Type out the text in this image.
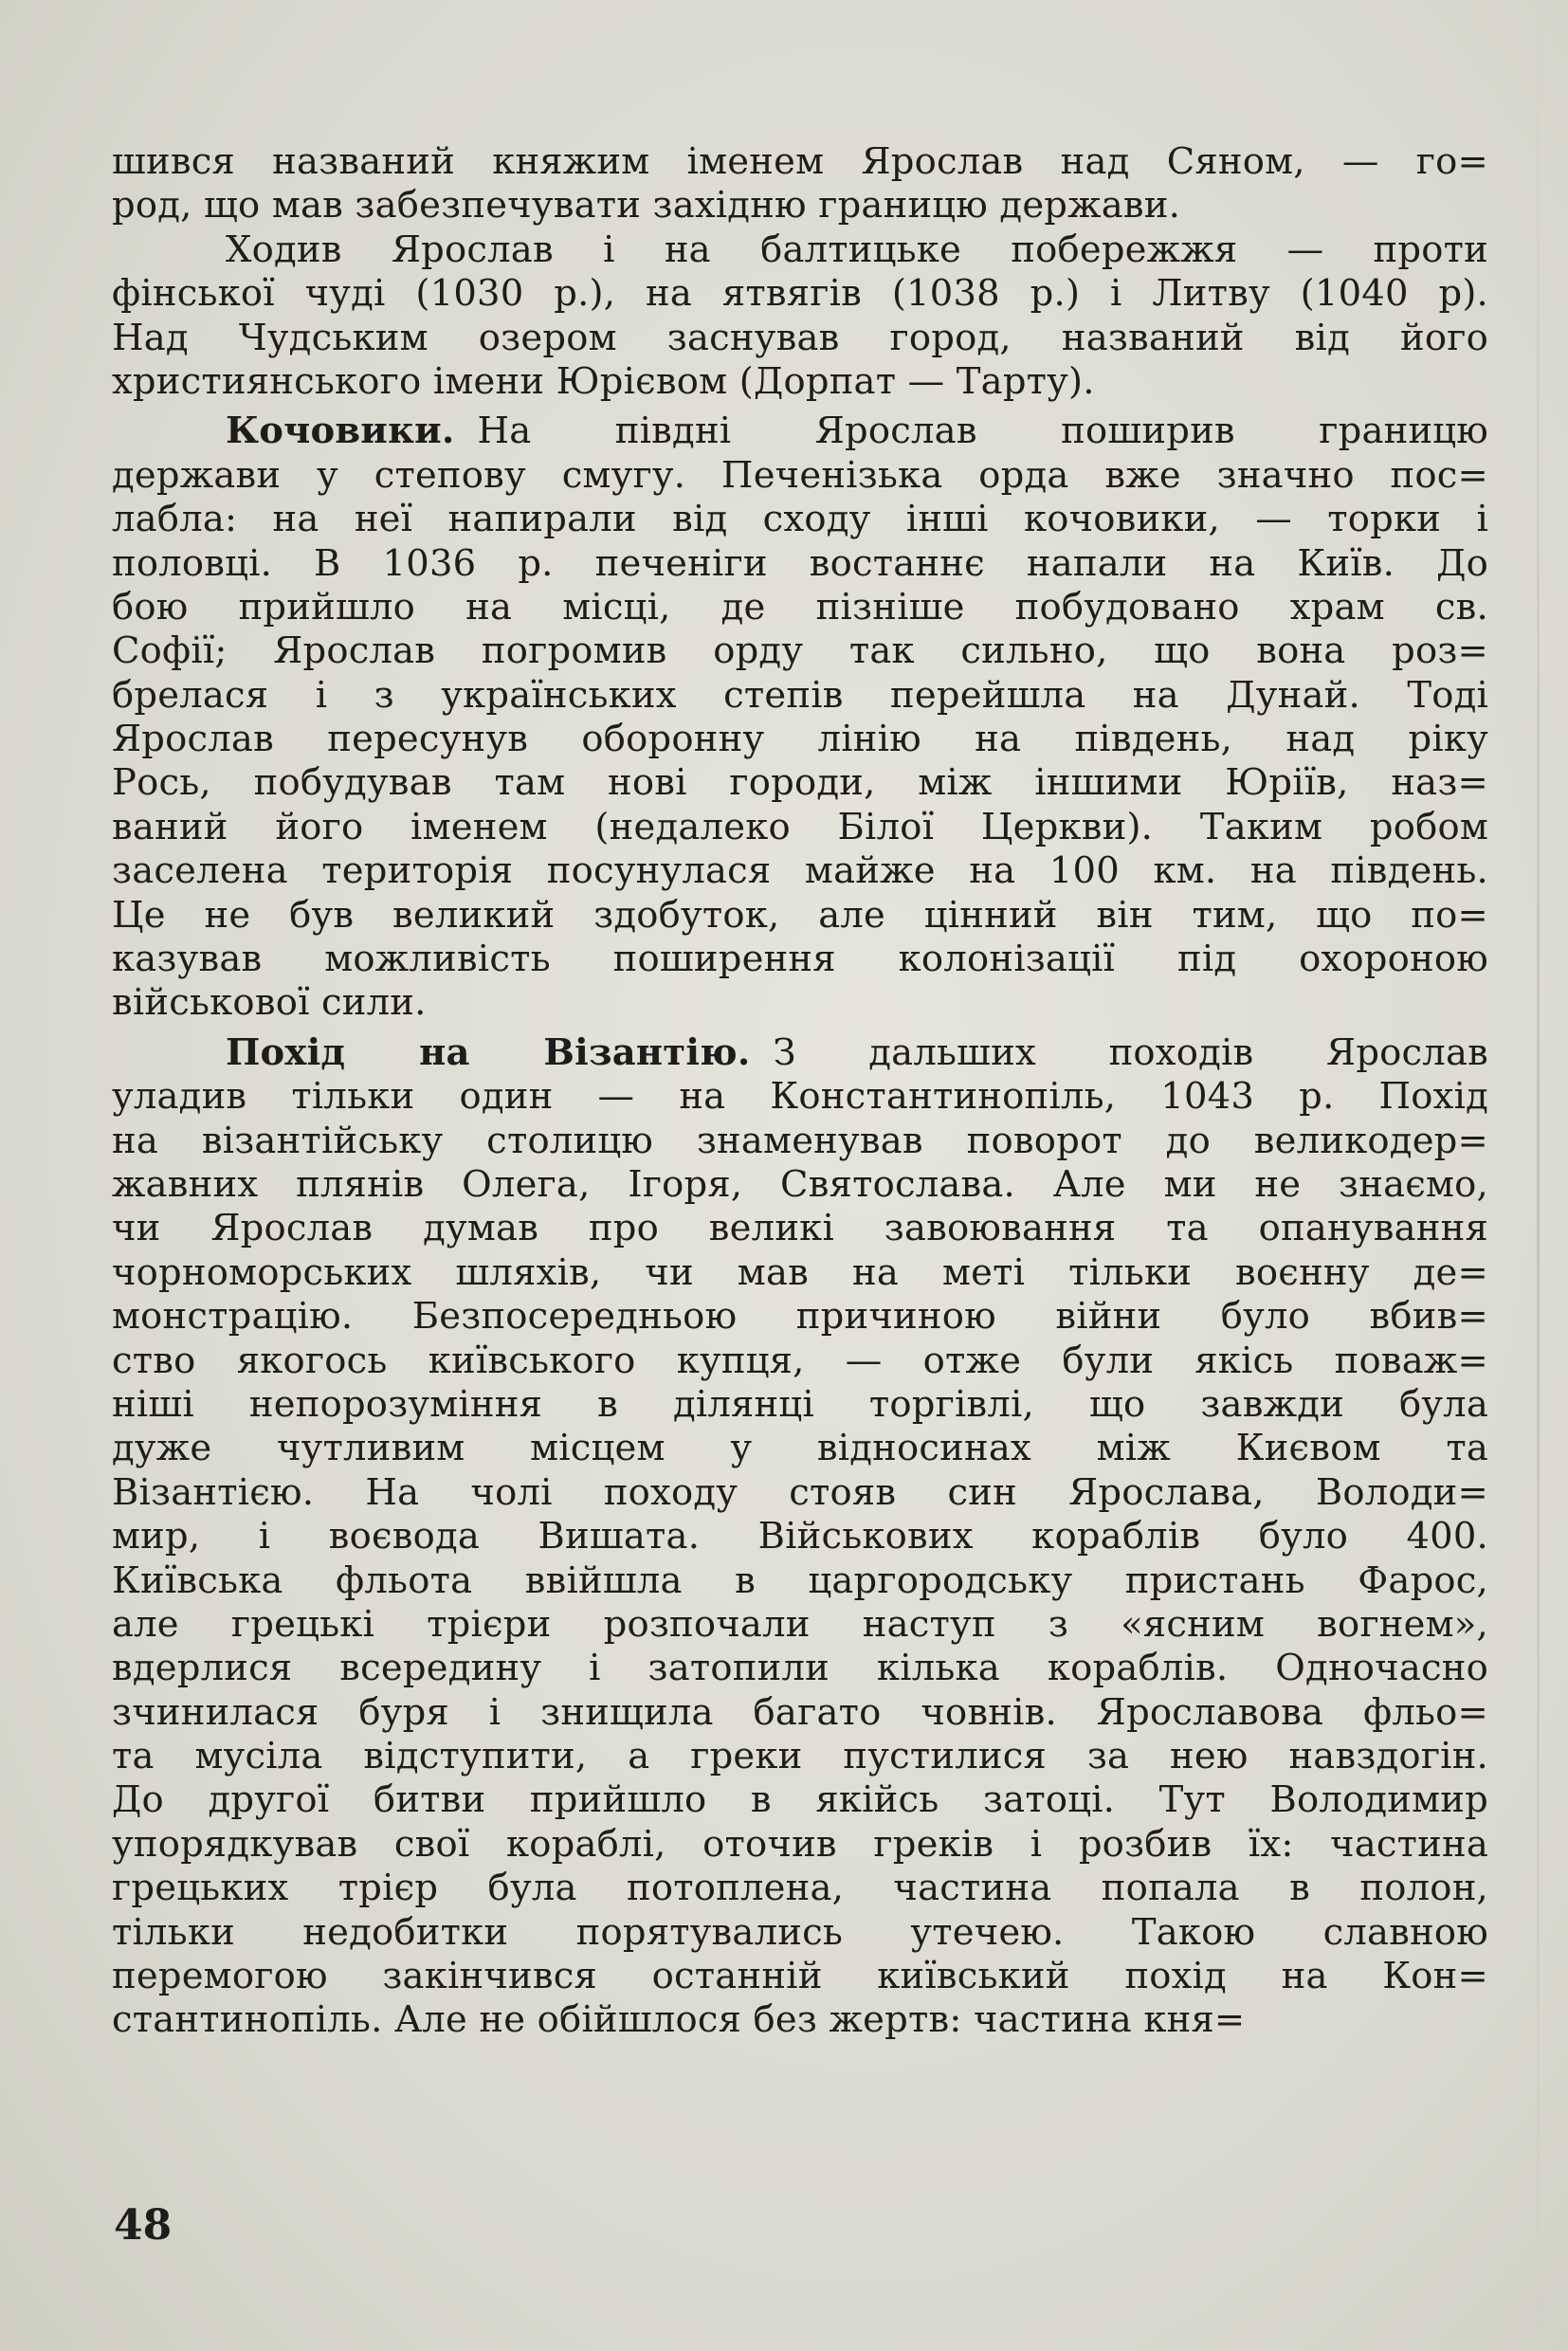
шився названий княжим іменем Ярослав над Сяном, — го=
род, що мав забезпечувати західню границю держави.
Ходив Ярослав і на балтицьке побережжя — проти
фінської чуді (1030 р.), на ятвягів (1038 р.) і Литву (1040 р).
Над Чудським озером заснував город, названий від його
християнського імени Юрієвом (Дорпат — Тарту).
Кочовики. На півдні Ярослав поширив границю
держави у степову смугу. Печенізька орда вже значно пос=
лабла: на неї напирали від сходу інші кочовики, — торки і
половці. В 1036 р. печеніги востаннє напали на Київ. До
бою прийшло на місці, де пізніше побудовано храм св.
Софії; Ярослав погромив орду так сильно, що вона роз=
брелася і з українських степів перейшла на Дунай. Тоді
Ярослав пересунув оборонну лінію на південь, над ріку
Рось, побудував там нові городи, між іншими Юріїв, наз=
ваний його іменем (недалеко Білої Церкви). Таким робом
заселена територія посунулася майже на 100 км. на південь.
Це не був великий здобуток, але цінний він тим, що по=
казував можливість поширення колонізації під охороною
військової сили.
Похід на Візантію. З дальших походів Ярослав
уладив тільки один — на Константинопіль, 1043 р. Похід
на візантійську столицю знаменував поворот до великодер=
жавних плянів Олега, Ігоря, Святослава. Але ми не знаємо,
чи Ярослав думав про великі завоювання та опанування
чорноморських шляхів, чи мав на меті тільки воєнну де=
монстрацію. Безпосередньою причиною війни було вбив=
ство якогось київського купця, — отже були якісь поваж=
ніші непорозуміння в ділянці торгівлі, що завжди була
дуже чутливим місцем у відносинах між Києвом та
Візантією. На чолі походу стояв син Ярослава, Володи=
мир, і воєвода Вишата. Військових кораблів було 400.
Київська фльота ввійшла в царгородську пристань Фарос,
але грецькі трієри розпочали наступ з «ясним вогнем»,
вдерлися всередину і затопили кілька кораблів. Одночасно
зчинилася буря і знищила багато човнів. Ярославова фльо=
та мусіла відступити, а греки пустилися за нею навздогін.
До другої битви прийшло в якійсь затоці. Тут Володимир
упорядкував свої кораблі, оточив греків і розбив їх: частина
грецьких трієр була потоплена, частина попала в полон,
тільки недобитки порятувались утечею. Такою славною
перемогою закінчився останній київський похід на Кон=
стантинопіль. Але не обійшлося без жертв: частина кня=
48
